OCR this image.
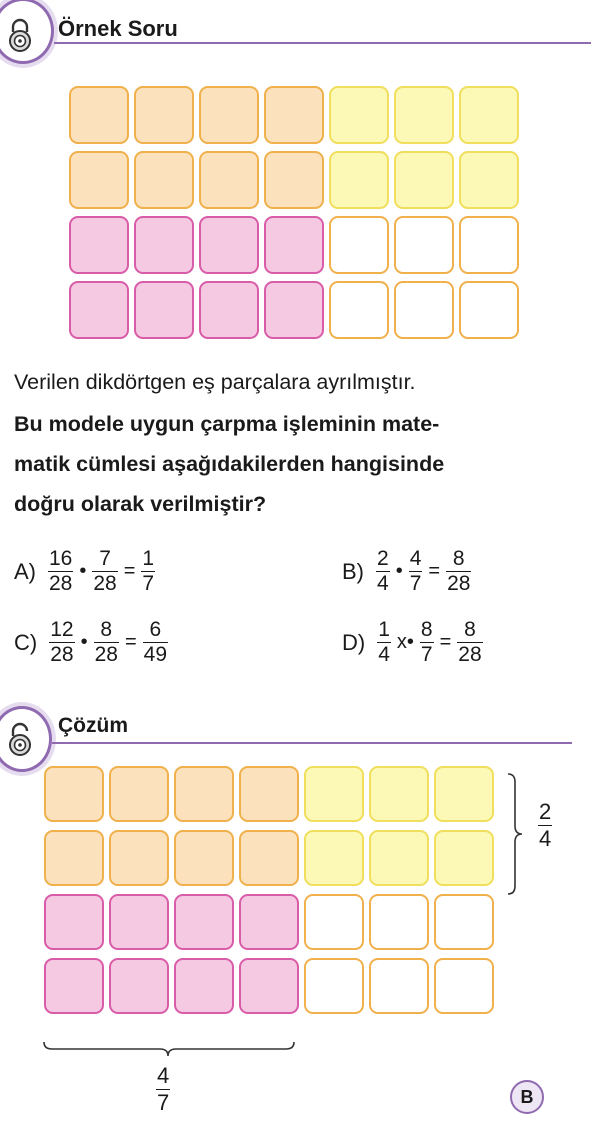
Örnek Soru
Verilen dikdörtgen eş parçalara ayrılmıştır.
Bu modele uygun çarpma işleminin mate-
matik cümlesi aşağıdakilerden hangisinde
doğru olarak verilmiştir?
$A) \frac{16}{28}$ • $\frac{7}{28} = \frac{1}{7}$	$B) \frac{2}{4}$ • $\frac{4}{7} = \frac{8}{28}$
$C) \frac{12}{28}$ • $\frac{8}{28} = \frac{6}{49}$	$D) \frac{1}{4}$ x• $\frac{8}{7} = \frac{8}{28}$
Çözüm
$\frac{2}{4}$
$\frac{4}{7}$	B
